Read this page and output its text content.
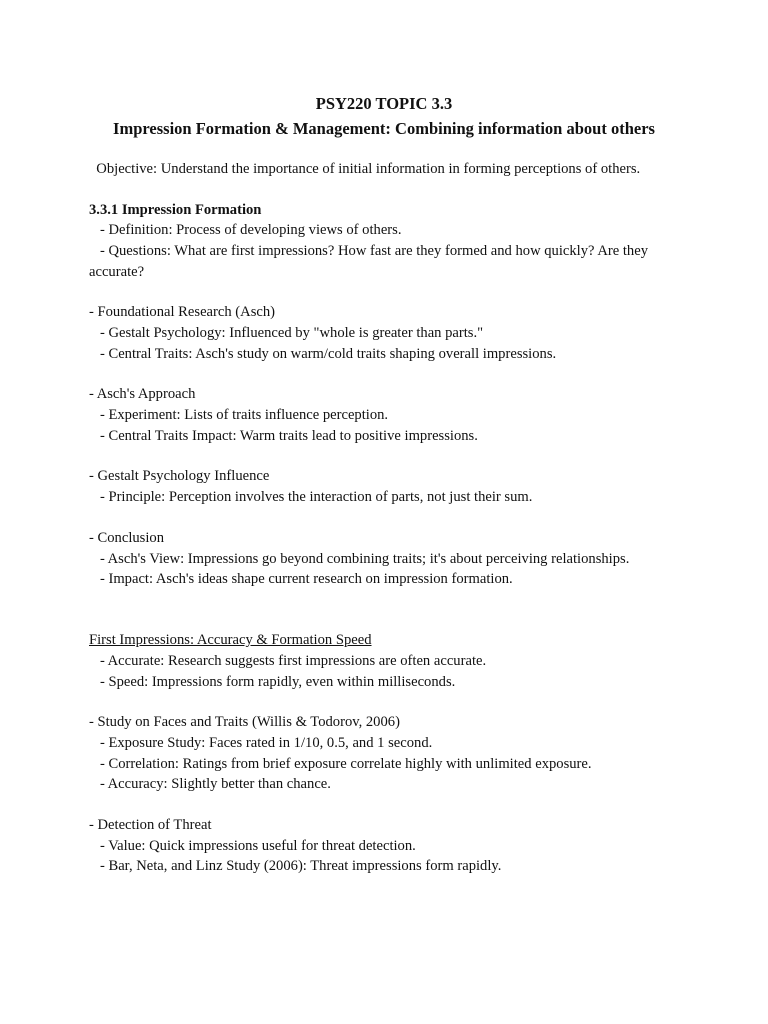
PSY220 TOPIC 3.3
Impression Formation & Management: Combining information about others
Objective: Understand the importance of initial information in forming perceptions of others.
3.3.1 Impression Formation
- Definition: Process of developing views of others.
- Questions: What are first impressions? How fast are they formed and how quickly? Are they
accurate?
- Foundational Research (Asch)
- Gestalt Psychology: Influenced by "whole is greater than parts."
- Central Traits: Asch's study on warm/cold traits shaping overall impressions.
- Asch's Approach
- Experiment: Lists of traits influence perception.
- Central Traits Impact: Warm traits lead to positive impressions.
- Gestalt Psychology Influence
- Principle: Perception involves the interaction of parts, not just their sum.
- Conclusion
- Asch's View: Impressions go beyond combining traits; it's about perceiving relationships.
- Impact: Asch's ideas shape current research on impression formation.
First Impressions: Accuracy & Formation Speed
- Accurate: Research suggests first impressions are often accurate.
- Speed: Impressions form rapidly, even within milliseconds.
- Study on Faces and Traits (Willis & Todorov, 2006)
- Exposure Study: Faces rated in 1/10, 0.5, and 1 second.
- Correlation: Ratings from brief exposure correlate highly with unlimited exposure.
- Accuracy: Slightly better than chance.
- Detection of Threat
- Value: Quick impressions useful for threat detection.
- Bar, Neta, and Linz Study (2006): Threat impressions form rapidly.
